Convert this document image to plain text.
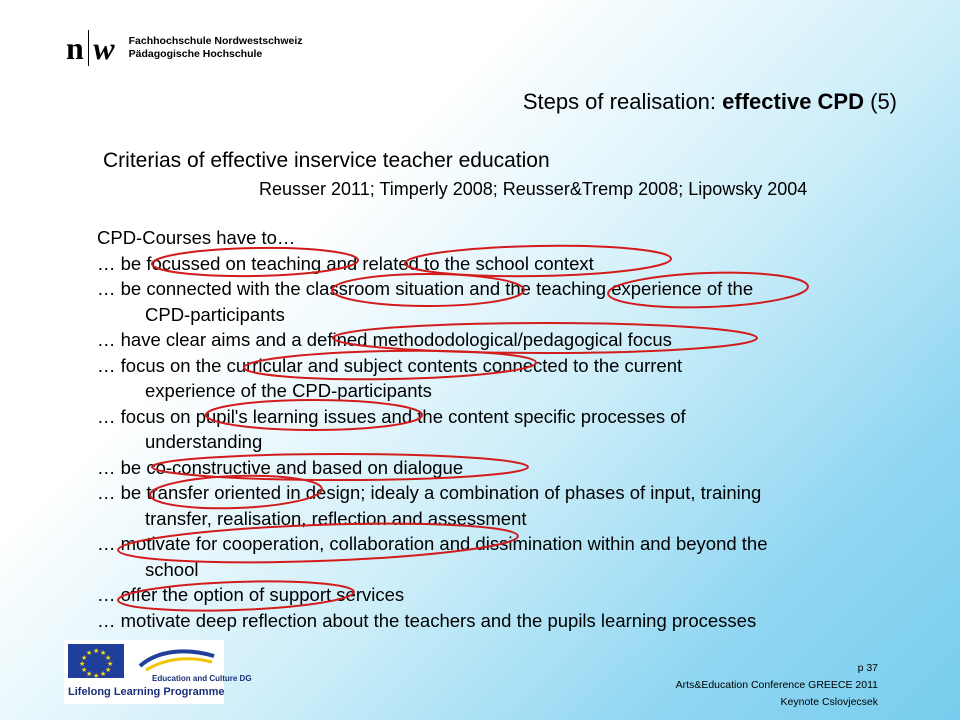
n w Fachhochschule Nordwestschweiz
Pädagogische Hochschule
Steps of realisation: effective CPD (5)
Criterias of effective inservice teacher education
Reusser 2011; Timperly 2008; Reusser&Tremp 2008; Lipowsky 2004
CPD-Courses have to…
… be focussed on teaching and related to the school context
… be connected with the classroom situation and the teaching experience of the
CPD-participants
… have clear aims and a defined methododological/pedagogical focus
… focus on the curricular and subject contents connected to the current
experience of the CPD-participants
… focus on pupil's learning issues and the content specific processes of
understanding
… be co-constructive and based on dialogue
… be transfer oriented in design; idealy a combination of phases of input, training
transfer, realisation, reflection and assessment
… motivate for cooperation, collaboration and dissimination within and beyond the
school
… offer the option of support services
… motivate deep reflection about the teachers and the pupils learning processes
★ ★
★
★
★
★
★
★
★
★
★
★
Education and Culture DG
Lifelong Learning Programme
p 37
Arts&Education Conference GREECE 2011
Keynote Cslovjecsek
